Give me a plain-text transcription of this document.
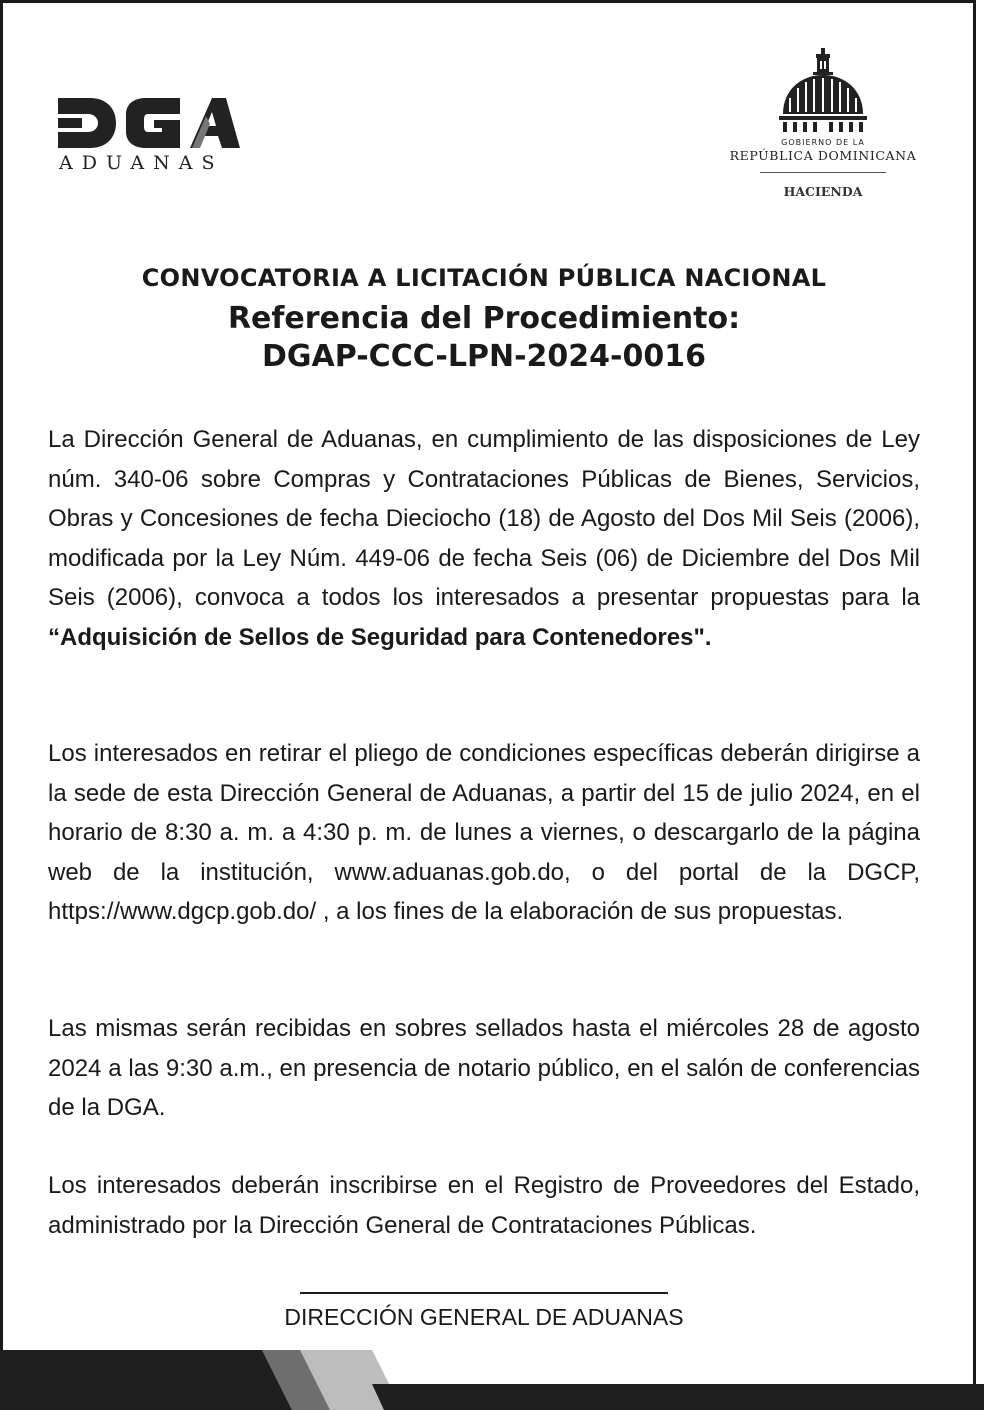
ADUANAS
GOBIERNO DE LA
REPÚBLICA DOMINICANA
HACIENDA
CONVOCATORIA A LICITACIÓN PÚBLICA NACIONAL
Referencia del Procedimiento:
DGAP-CCC-LPN-2024-0016
La Dirección General de Aduanas, en cumplimiento de las disposiciones de Ley núm. 340-06 sobre Compras y Contrataciones Públicas de Bienes, Servicios, Obras y Concesiones de fecha Dieciocho (18) de Agosto del Dos Mil Seis (2006), modificada por la Ley Núm. 449-06 de fecha Seis (06) de Diciembre del Dos Mil Seis (2006), convoca a todos los interesados a presentar propuestas para la “Adquisición de Sellos de Seguridad para Contenedores".
Los interesados en retirar el pliego de condiciones específicas deberán dirigirse a la sede de esta Dirección General de Aduanas, a partir del 15 de julio 2024, en el horario de 8:30 a. m. a 4:30 p. m. de lunes a viernes, o descargarlo de la página web de la institución, www.aduanas.gob.do, o del portal de la DGCP, https://www.dgcp.gob.do/ , a los fines de la elaboración de sus propuestas.
Las mismas serán recibidas en sobres sellados hasta el miércoles 28 de agosto 2024 a las 9:30 a.m., en presencia de notario público, en el salón de conferencias de la DGA.
Los interesados deberán inscribirse en el Registro de Proveedores del Estado, administrado por la Dirección General de Contrataciones Públicas.
DIRECCIÓN GENERAL DE ADUANAS
